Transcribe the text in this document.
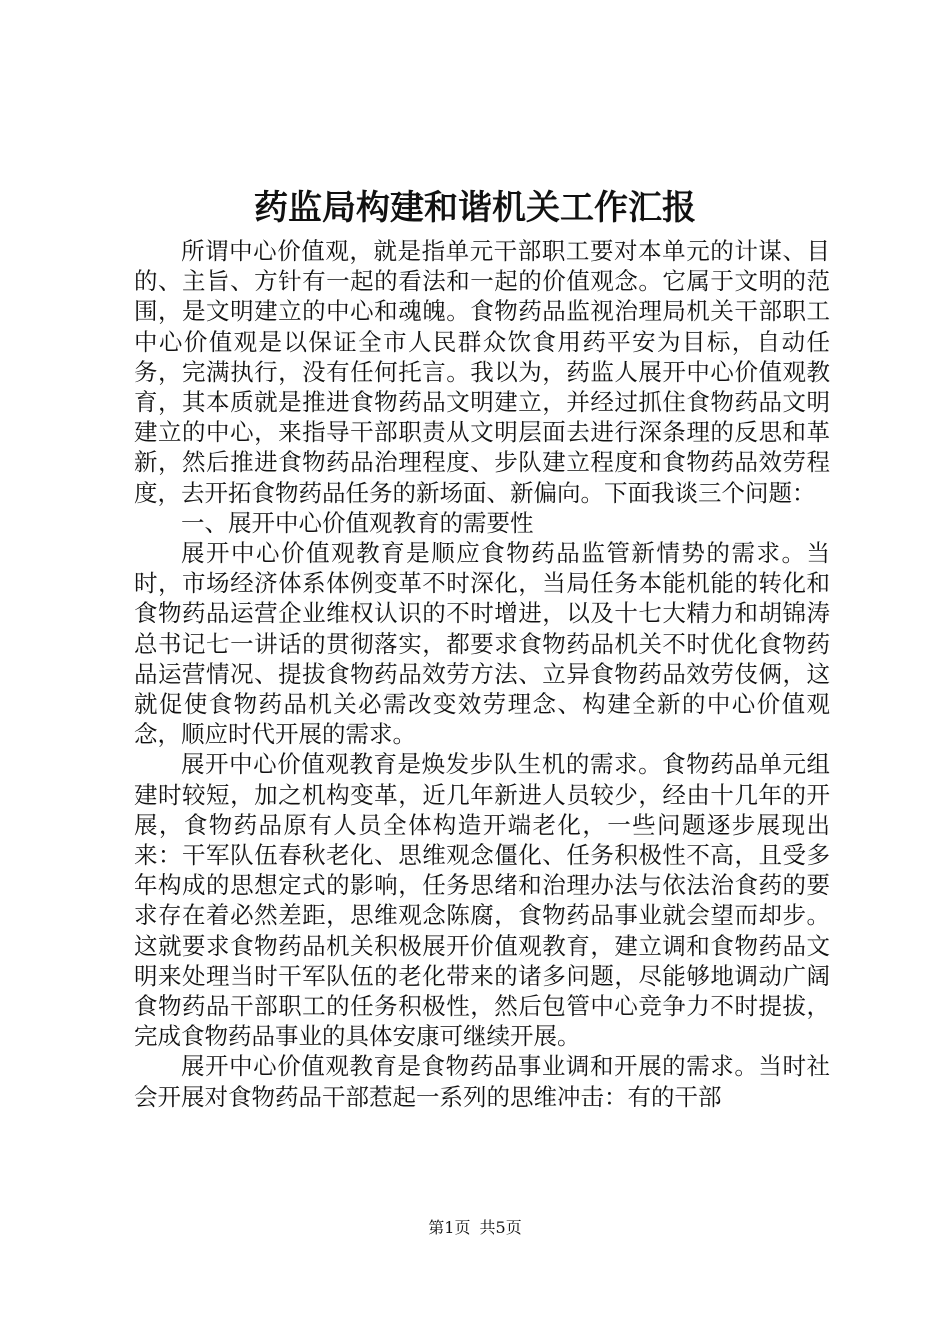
药监局构建和谐机关工作汇报

所谓中心价值观，就是指单元干部职工要对本单元的计谋、目的、主旨、方针有一起的看法和一起的价值观念。它属于文明的范围，是文明建立的中心和魂魄。食物药品监视治理局机关干部职工中心价值观是以保证全市人民群众饮食用药平安为目标，自动任务，完满执行，没有任何托言。我以为，药监人展开中心价值观教育，其本质就是推进食物药品文明建立，并经过抓住食物药品文明建立的中心，来指导干部职责从文明层面去进行深条理的反思和革新，然后推进食物药品治理程度、步队建立程度和食物药品效劳程度，去开拓食物药品任务的新场面、新偏向。下面我谈三个问题：

一、展开中心价值观教育的需要性

展开中心价值观教育是顺应食物药品监管新情势的需求。当时，市场经济体系体例变革不时深化，当局任务本能机能的转化和食物药品运营企业维权认识的不时增进，以及十七大精力和胡锦涛总书记七一讲话的贯彻落实，都要求食物药品机关不时优化食物药品运营情况、提拔食物药品效劳方法、立异食物药品效劳伎俩，这就促使食物药品机关必需改变效劳理念、构建全新的中心价值观念，顺应时代开展的需求。

展开中心价值观教育是焕发步队生机的需求。食物药品单元组建时较短，加之机构变革，近几年新进人员较少，经由十几年的开展，食物药品原有人员全体构造开端老化，一些问题逐步展现出来：干军队伍春秋老化、思维观念僵化、任务积极性不高，且受多年构成的思想定式的影响，任务思绪和治理办法与依法治食药的要求存在着必然差距，思维观念陈腐，食物药品事业就会望而却步。这就要求食物药品机关积极展开价值观教育，建立调和食物药品文明来处理当时干军队伍的老化带来的诸多问题，尽能够地调动广阔食物药品干部职工的任务积极性，然后包管中心竞争力不时提拔，完成食物药品事业的具体安康可继续开展。

展开中心价值观教育是食物药品事业调和开展的需求。当时社会开展对食物药品干部惹起一系列的思维冲击：有的干部

第1页 共5页
